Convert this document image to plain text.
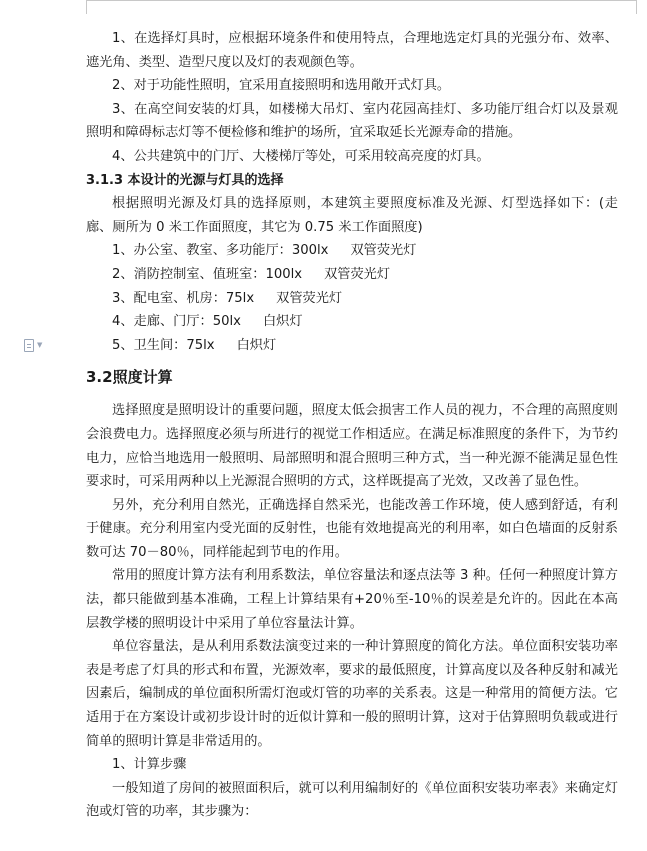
▼

1、在选择灯具时，应根据环境条件和使用特点，合理地选定灯具的光强分布、效率、遮光角、类型、造型尺度以及灯的表观颜色等。

2、对于功能性照明，宜采用直接照明和选用敞开式灯具。

3、在高空间安装的灯具，如楼梯大吊灯、室内花园高挂灯、多功能厅组合灯以及景观照明和障碍标志灯等不便检修和维护的场所，宜采取延长光源寿命的措施。

4、公共建筑中的门厅、大楼梯厅等处，可采用较高亮度的灯具。

3.1.3 本设计的光源与灯具的选择

根据照明光源及灯具的选择原则，本建筑主要照度标准及光源、灯型选择如下：(走廊、厕所为 0 米工作面照度，其它为 0.75 米工作面照度)

1、办公室、教室、多功能厅：300lx 双管荧光灯

2、消防控制室、值班室：100lx 双管荧光灯

3、配电室、机房：75lx 双管荧光灯

4、走廊、门厅：50lx 白炽灯

5、卫生间：75lx 白炽灯

3.2照度计算

选择照度是照明设计的重要问题，照度太低会损害工作人员的视力，不合理的高照度则会浪费电力。选择照度必须与所进行的视觉工作相适应。在满足标准照度的条件下，为节约电力，应恰当地选用一般照明、局部照明和混合照明三种方式，当一种光源不能满足显色性要求时，可采用两种以上光源混合照明的方式，这样既提高了光效，又改善了显色性。

另外，充分利用自然光，正确选择自然采光，也能改善工作环境，使人感到舒适，有利于健康。充分利用室内受光面的反射性，也能有效地提高光的利用率，如白色墙面的反射系数可达 70－80％，同样能起到节电的作用。

常用的照度计算方法有利用系数法，单位容量法和逐点法等 3 种。任何一种照度计算方法，都只能做到基本准确，工程上计算结果有+20％至-10％的误差是允许的。因此在本高层教学楼的照明设计中采用了单位容量法计算。

单位容量法，是从利用系数法演变过来的一种计算照度的简化方法。单位面积安装功率表是考虑了灯具的形式和布置，光源效率，要求的最低照度，计算高度以及各种反射和减光因素后，编制成的单位面积所需灯泡或灯管的功率的关系表。这是一种常用的简便方法。它适用于在方案设计或初步设计时的近似计算和一般的照明计算，这对于估算照明负载或进行简单的照明计算是非常适用的。

1、计算步骤

一般知道了房间的被照面积后，就可以利用编制好的《单位面积安装功率表》来确定灯泡或灯管的功率，其步骤为：
